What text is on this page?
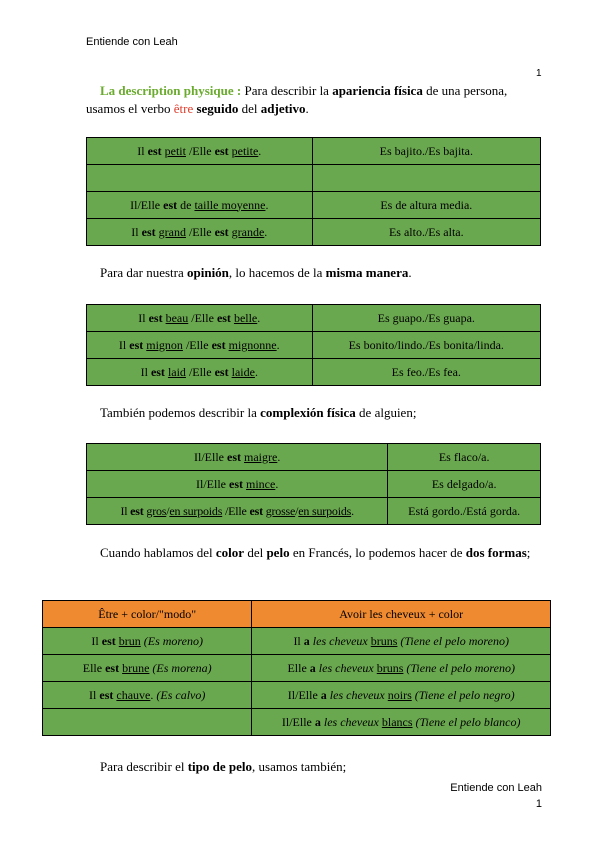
Entiende con Leah
1

La description physique : Para describir la apariencia física de una persona, usamos el verbo être seguido del adjetivo.

Il est petit /Elle est petite.	Es bajito./Es bajita.

Il/Elle est de taille moyenne.	Es de altura media.
Il est grand /Elle est grande.	Es alto./Es alta.

Para dar nuestra opinión, lo hacemos de la misma manera.

Il est beau /Elle est belle.	Es guapo./Es guapa.
Il est mignon /Elle est mignonne.	Es bonito/lindo./Es bonita/linda.
Il est laid /Elle est laide.	Es feo./Es fea.

También podemos describir la complexión física de alguien;

Il/Elle est maigre.	Es flaco/a.
Il/Elle est mince.	Es delgado/a.
Il est gros/en surpoids /Elle est grosse/en surpoids.	Está gordo./Está gorda.

Cuando hablamos del color del pelo en Francés, lo podemos hacer de dos formas;

Être + color/"modo"	Avoir les cheveux + color
Il est brun (Es moreno)	Il a les cheveux bruns (Tiene el pelo moreno)
Elle est brune (Es morena)	Elle a les cheveux bruns (Tiene el pelo moreno)
Il est chauve. (Es calvo)	Il/Elle a les cheveux noirs (Tiene el pelo negro)
	Il/Elle a les cheveux blancs (Tiene el pelo blanco)

Para describir el tipo de pelo, usamos también;

Entiende con Leah
1
